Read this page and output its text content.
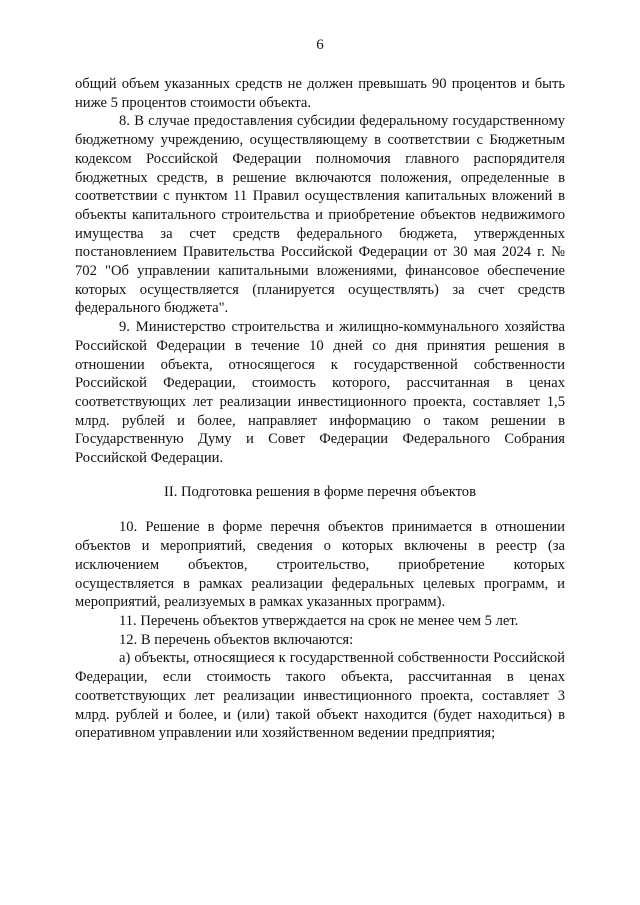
6

общий объем указанных средств не должен превышать 90 процентов и быть ниже 5 процентов стоимости объекта.

8. В случае предоставления субсидии федеральному государственному бюджетному учреждению, осуществляющему в соответствии с Бюджетным кодексом Российской Федерации полномочия главного распорядителя бюджетных средств, в решение включаются положения, определенные в соответствии с пунктом 11 Правил осуществления капитальных вложений в объекты капитального строительства и приобретение объектов недвижимого имущества за счет средств федерального бюджета, утвержденных постановлением Правительства Российской Федерации от 30 мая 2024 г. № 702 "Об управлении капитальными вложениями, финансовое обеспечение которых осуществляется (планируется осуществлять) за счет средств федерального бюджета".

9. Министерство строительства и жилищно-коммунального хозяйства Российской Федерации в течение 10 дней со дня принятия решения в отношении объекта, относящегося к государственной собственности Российской Федерации, стоимость которого, рассчитанная в ценах соответствующих лет реализации инвестиционного проекта, составляет 1,5 млрд. рублей и более, направляет информацию о таком решении в Государственную Думу и Совет Федерации Федерального Собрания Российской Федерации.

II. Подготовка решения в форме перечня объектов

10. Решение в форме перечня объектов принимается в отношении объектов и мероприятий, сведения о которых включены в реестр (за исключением объектов, строительство, приобретение которых осуществляется в рамках реализации федеральных целевых программ, и мероприятий, реализуемых в рамках указанных программ).

11. Перечень объектов утверждается на срок не менее чем 5 лет.

12. В перечень объектов включаются:

а) объекты, относящиеся к государственной собственности Российской Федерации, если стоимость такого объекта, рассчитанная в ценах соответствующих лет реализации инвестиционного проекта, составляет 3 млрд. рублей и более, и (или) такой объект находится (будет находиться) в оперативном управлении или хозяйственном ведении предприятия;
